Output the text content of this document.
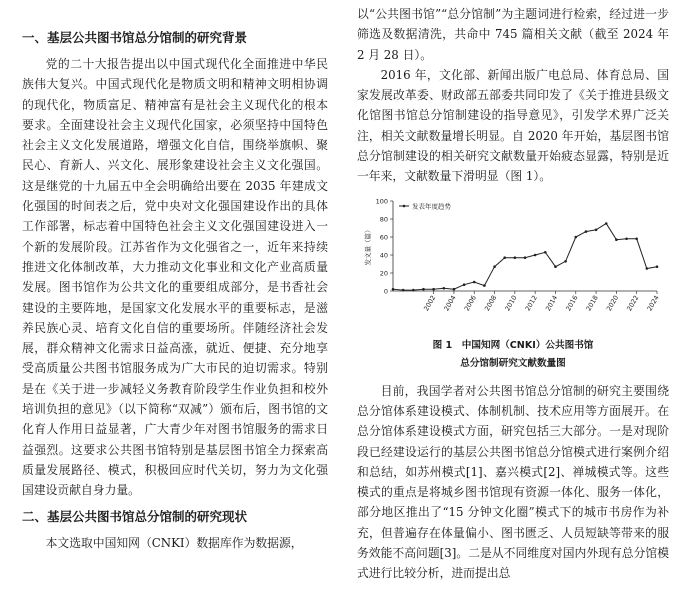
一、基层公共图书馆总分馆制的研究背景

党的二十大报告提出以中国式现代化全面推进中华民族伟大复兴。中国式现代化是物质文明和精神文明相协调的现代化，物质富足、精神富有是社会主义现代化的根本要求。全面建设社会主义现代化国家，必须坚持中国特色社会主义文化发展道路，增强文化自信，围绕举旗帜、聚民心、育新人、兴文化、展形象建设社会主义文化强国。这是继党的十九届五中全会明确给出要在 2035 年建成文化强国的时间表之后，党中央对文化强国建设作出的具体工作部署，标志着中国特色社会主义文化强国建设进入一个新的发展阶段。江苏省作为文化强省之一，近年来持续推进文化体制改革，大力推动文化事业和文化产业高质量发展。图书馆作为公共文化的重要组成部分，是书香社会建设的主要阵地，是国家文化发展水平的重要标志，是滋养民族心灵、培育文化自信的重要场所。伴随经济社会发展，群众精神文化需求日益高涨，就近、便捷、充分地享受高质量公共图书馆服务成为广大市民的迫切需求。特别是在《关于进一步减轻义务教育阶段学生作业负担和校外培训负担的意见》（以下简称“双减”）颁布后，图书馆的文化育人作用日益显著，广大青少年对图书馆服务的需求日益强烈。这要求公共图书馆特别是基层图书馆全力探索高质量发展路径、模式，积极回应时代关切，努力为文化强国建设贡献自身力量。

二、基层公共图书馆总分馆制的研究现状

本文选取中国知网（CNKI）数据库作为数据源，

以“公共图书馆”“总分馆制”为主题词进行检索，经过进一步筛选及数据清洗，共命中 745 篇相关文献（截至 2024 年 2 月 28 日）。

2016 年，文化部、新闻出版广电总局、体育总局、国家发展改革委、财政部五部委共同印发了《关于推进县级文化馆图书馆总分馆制建设的指导意见》，引发学术界广泛关注，相关文献数量增长明显。自 2020 年开始，基层图书馆总分馆制建设的相关研究文献数量开始疲态显露，特别是近一年来，文献数量下滑明显（图 1）。

0
20
40
60
80
100
发文量（篇）
2002 2004 2006 2008 2010 2012 2014 2016 2018 2020 2022 2024
发表年度趋势
图 1　中国知网（CNKI）公共图书馆
总分馆制研究文献数量图

目前，我国学者对公共图书馆总分馆制的研究主要围绕总分馆体系建设模式、体制机制、技术应用等方面展开。在总分馆体系建设模式方面，研究包括三大部分。一是对现阶段已经建设运行的基层公共图书馆总分馆模式进行案例介绍和总结，如苏州模式[1]、嘉兴模式[2]、禅城模式等。这些模式的重点是将城乡图书馆现有资源一体化、服务一体化，部分地区推出了“15 分钟文化圈”模式下的城市书房作为补充，但普遍存在体量偏小、图书匮乏、人员短缺等带来的服务效能不高问题[3]。二是从不同维度对国内外现有总分馆模式进行比较分析，进而提出总
